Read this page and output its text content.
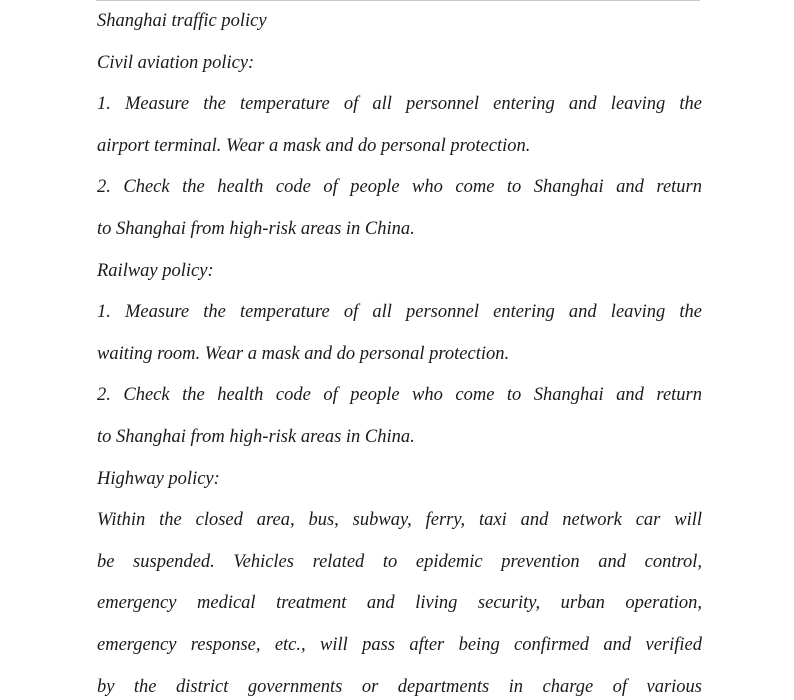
Shanghai traffic policy
Civil aviation policy:
1. Measure the temperature of all personnel entering and leaving the
airport terminal. Wear a mask and do personal protection.
2. Check the health code of people who come to Shanghai and return
to Shanghai from high-risk areas in China.
Railway policy:
1. Measure the temperature of all personnel entering and leaving the
waiting room. Wear a mask and do personal protection.
2. Check the health code of people who come to Shanghai and return
to Shanghai from high-risk areas in China.
Highway policy:
Within the closed area, bus, subway, ferry, taxi and network car will
be suspended. Vehicles related to epidemic prevention and control,
emergency medical treatment and living security, urban operation,
emergency response, etc., will pass after being confirmed and verified
by the district governments or departments in charge of various
